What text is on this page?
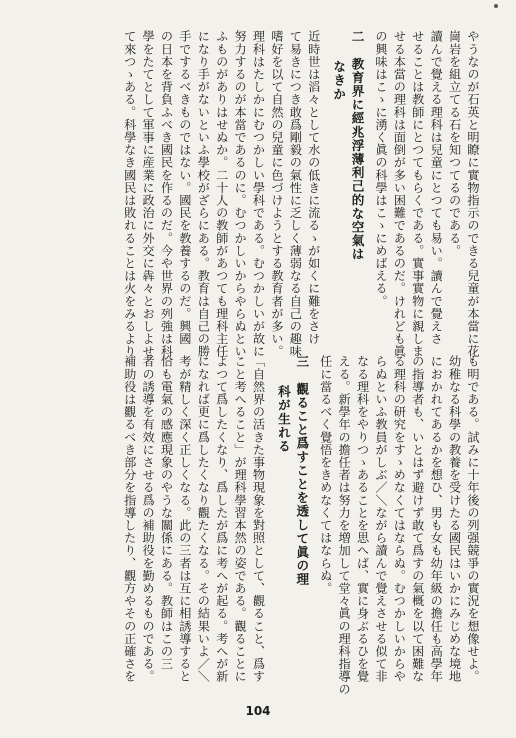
やうなのが石英と明瞭に實物指示のできる兒童が本當に花
崗岩を組立てる石を知つてるのである。
讀んで覺える理科は兒童にとつても易い。讀んで覺えさ
せることは教師にとつてもらくである。實事實物に親しま
せる本當の理科は面倒が多い困難であるのだ。けれども眞
の興味はこゝに湧く眞の科學はこゝにめばえる。
二　教育界に經兆浮薄利己的な空氣は
なきか
近時世は滔々として水の低きに流るゝが如くに難をさけ
て易きにつき敢爲剛毅の氣性に乏しく薄弱なる自己の趣味
嗜好を以て自然の兒童に色づけようとする教育者が多い。
理科はたしかにむつかしい學科である。むつかしいが故に
努力するのが本當であるのに。むつかしいからやらぬとい
ふものがありはせぬか。二十人の教師があつても理科主任
になり手がないといふ學校がざらにある。教育は自己の勝
手でするべきものではない。國民を教養するのだ。興國
の日本を背負ふべき國民を作るのだ。今や世界の列強は科
學をたてとして軍事に産業に政治に外交に犇々とおしよせ
て來つゝある。科學なき國民は敗れることは火をみるより
も明である。試みに十年後の列强競爭の實況を想像せよ。
幼稚なる科學の教養を受けたる國民はいかにみじめな境地
におかれてあるかを想ひ、男も女も幼年級の擔任も高學年
の指導者も、いとはず避けず敢て爲すの氣概を以て困難な
る理科の研究をすゝめなくてはならぬ。むつかしいからや
らぬといふ教員がしぶ／＼ながら讀んで覺えさせる似て非
なる理科をやりつゝあることを思へば、實に身ぶるひを覺
える。新學年の擔任者は努力を増加して堂々眞の理科指導の
任に當るべく覺悟をきめなくてはならぬ。
三　觀ること爲すことを透して眞の理
科が生れる
「自然界の活きた事物現象を對照として、觀ること、爲す
こと考へること」が理科學習本然の姿である。觀ることに
よつて爲したくなり、爲したが爲に考へが起る。考へが新
になれば更に爲したくなり觀たくなる。その結果いよ／＼
考が精しく深く正しくなる。此の三者は互に相誘導すると
恰も電氣の感應現象のやうな關係にある。教師はこの三
者の誘導を有效にさせる爲の補助役を勤めるものである。
補助役は觀るべき部分を指導したり、觀方やその正確さを
104
